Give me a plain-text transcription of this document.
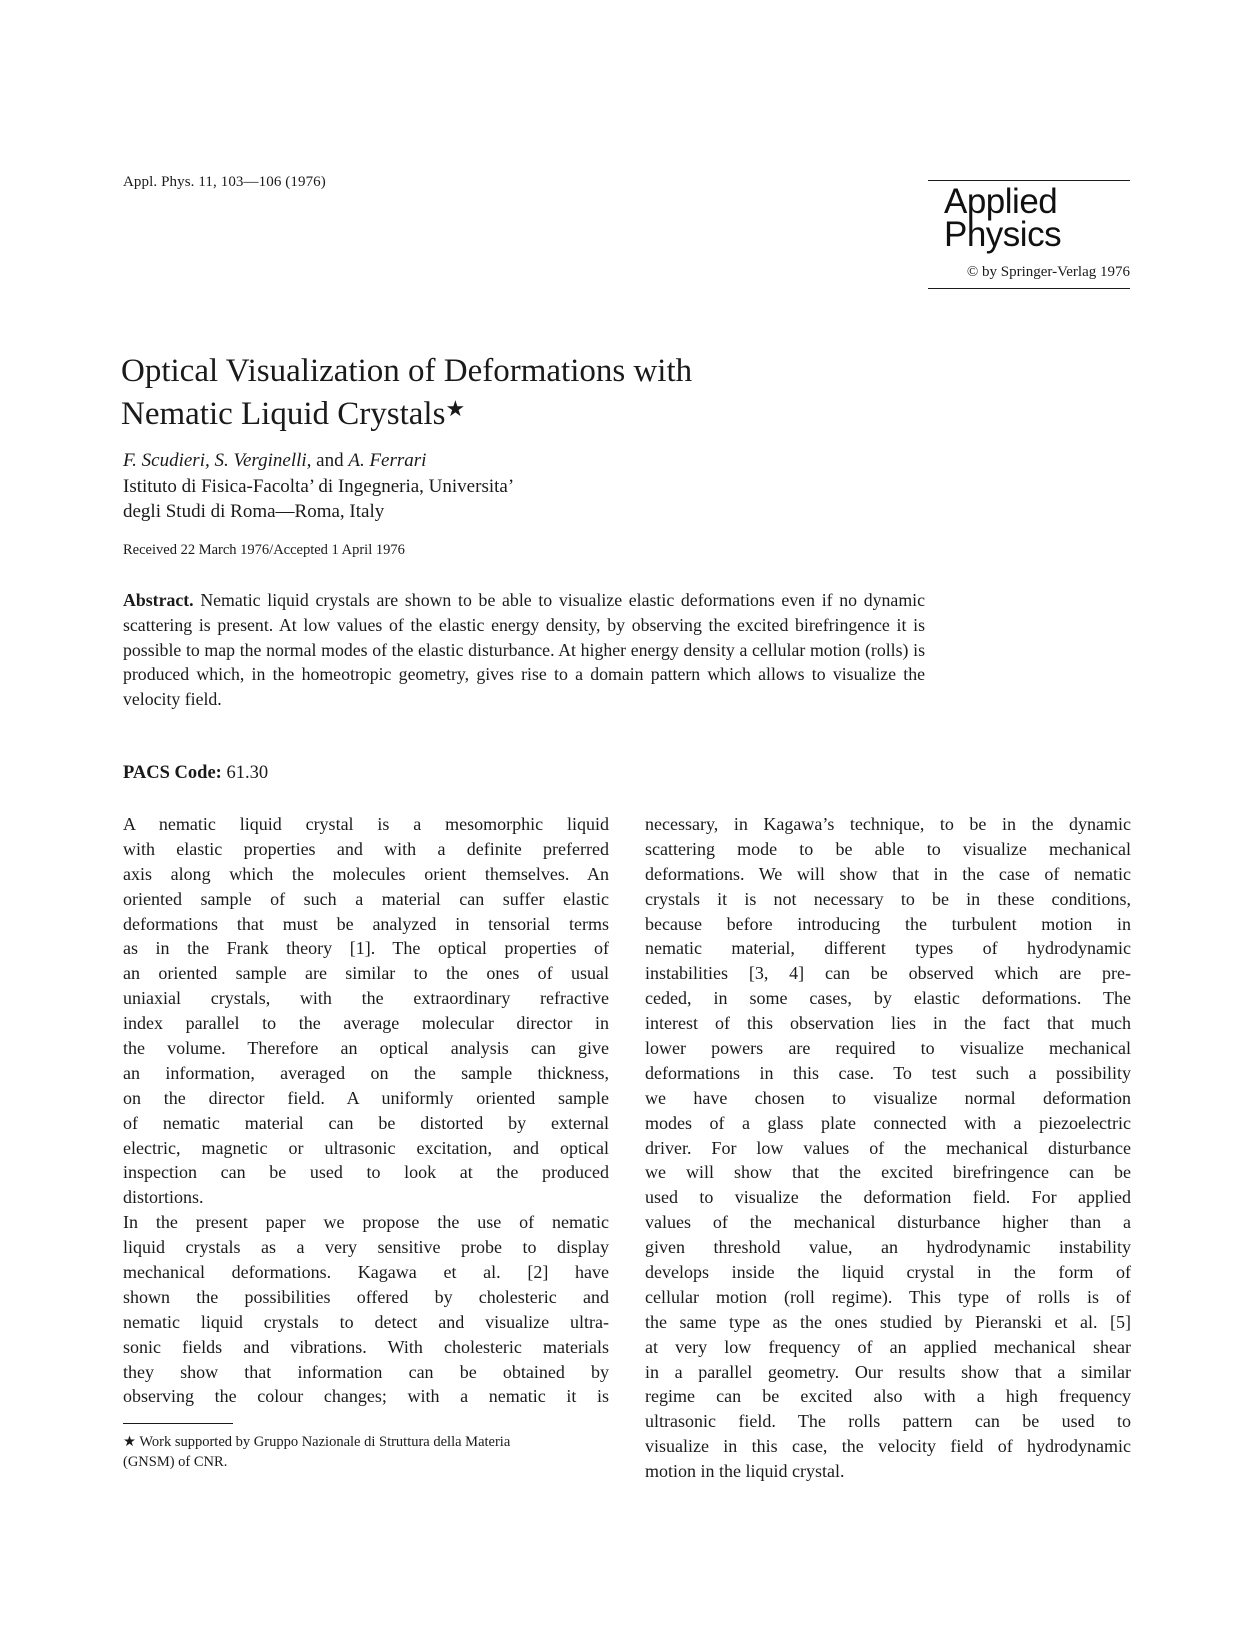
Appl. Phys. 11, 103—106 (1976)	Applied
Physics
© by Springer-Verlag 1976
Optical Visualization of Deformations with
Nematic Liquid Crystals★
F. Scudieri, S. Verginelli, and A. Ferrari
Istituto di Fisica-Facolta’ di Ingegneria, Universita’
degli Studi di Roma—Roma, Italy
Received 22 March 1976/Accepted 1 April 1976
Abstract. Nematic liquid crystals are shown to be able to visualize elastic deformations even if no dynamic scattering is present. At low values of the elastic energy density, by observing the excited birefringence it is possible to map the normal modes of the elastic disturbance. At higher energy density a cellular motion (rolls) is produced which, in the homeotropic geometry, gives rise to a domain pattern which allows to visualize the velocity field.
PACS Code: 61.30
A nematic liquid crystal is a mesomorphic liquid
with elastic properties and with a definite preferred
axis along which the molecules orient themselves. An
oriented sample of such a material can suffer elastic
deformations that must be analyzed in tensorial terms
as in the Frank theory [1]. The optical properties of
an oriented sample are similar to the ones of usual
uniaxial crystals, with the extraordinary refractive
index parallel to the average molecular director in
the volume. Therefore an optical analysis can give
an information, averaged on the sample thickness,
on the director field. A uniformly oriented sample
of nematic material can be distorted by external
electric, magnetic or ultrasonic excitation, and optical
inspection can be used to look at the produced
distortions.
In the present paper we propose the use of nematic
liquid crystals as a very sensitive probe to display
mechanical deformations. Kagawa et al. [2] have
shown the possibilities offered by cholesteric and
nematic liquid crystals to detect and visualize ultra-
sonic fields and vibrations. With cholesteric materials
they show that information can be obtained by
observing the colour changes; with a nematic it is
necessary, in Kagawa’s technique, to be in the dynamic
scattering mode to be able to visualize mechanical
deformations. We will show that in the case of nematic
crystals it is not necessary to be in these conditions,
because before introducing the turbulent motion in
nematic material, different types of hydrodynamic
instabilities [3, 4] can be observed which are pre-
ceded, in some cases, by elastic deformations. The
interest of this observation lies in the fact that much
lower powers are required to visualize mechanical
deformations in this case. To test such a possibility
we have chosen to visualize normal deformation
modes of a glass plate connected with a piezoelectric
driver. For low values of the mechanical disturbance
we will show that the excited birefringence can be
used to visualize the deformation field. For applied
values of the mechanical disturbance higher than a
given threshold value, an hydrodynamic instability
develops inside the liquid crystal in the form of
cellular motion (roll regime). This type of rolls is of
the same type as the ones studied by Pieranski et al. [5]
at very low frequency of an applied mechanical shear
in a parallel geometry. Our results show that a similar
regime can be excited also with a high frequency
ultrasonic field. The rolls pattern can be used to
visualize in this case, the velocity field of hydrodynamic
motion in the liquid crystal.
★ Work supported by Gruppo Nazionale di Struttura della Materia
(GNSM) of CNR.
